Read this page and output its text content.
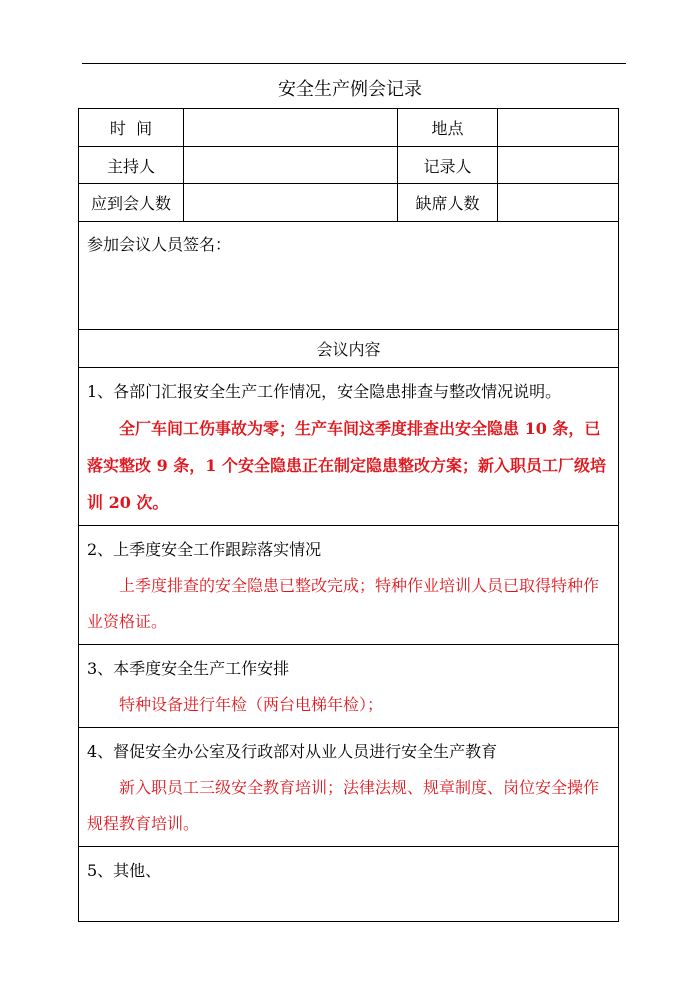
安全生产例会记录
时  间		地点	
主持人		记录人	
应到会人数		缺席人数	
参加会议人员签名：			
会议内容			

1、各部门汇报安全生产工作情况，安全隐患排查与整改情况说明。
全厂车间工伤事故为零；生产车间这季度排查出安全隐患 10 条，已落实整改 9 条，1 个安全隐患正在制定隐患整改方案；新入职员工厂级培训 20 次。			

2、上季度安全工作跟踪落实情况
上季度排查的安全隐患已整改完成；特种作业培训人员已取得特种作业资格证。			

3、本季度安全生产工作安排
特种设备进行年检（两台电梯年检）；			

4、督促安全办公室及行政部对从业人员进行安全生产教育
新入职员工三级安全教育培训；法律法规、规章制度、岗位安全操作规程教育培训。			

5、其他、			
